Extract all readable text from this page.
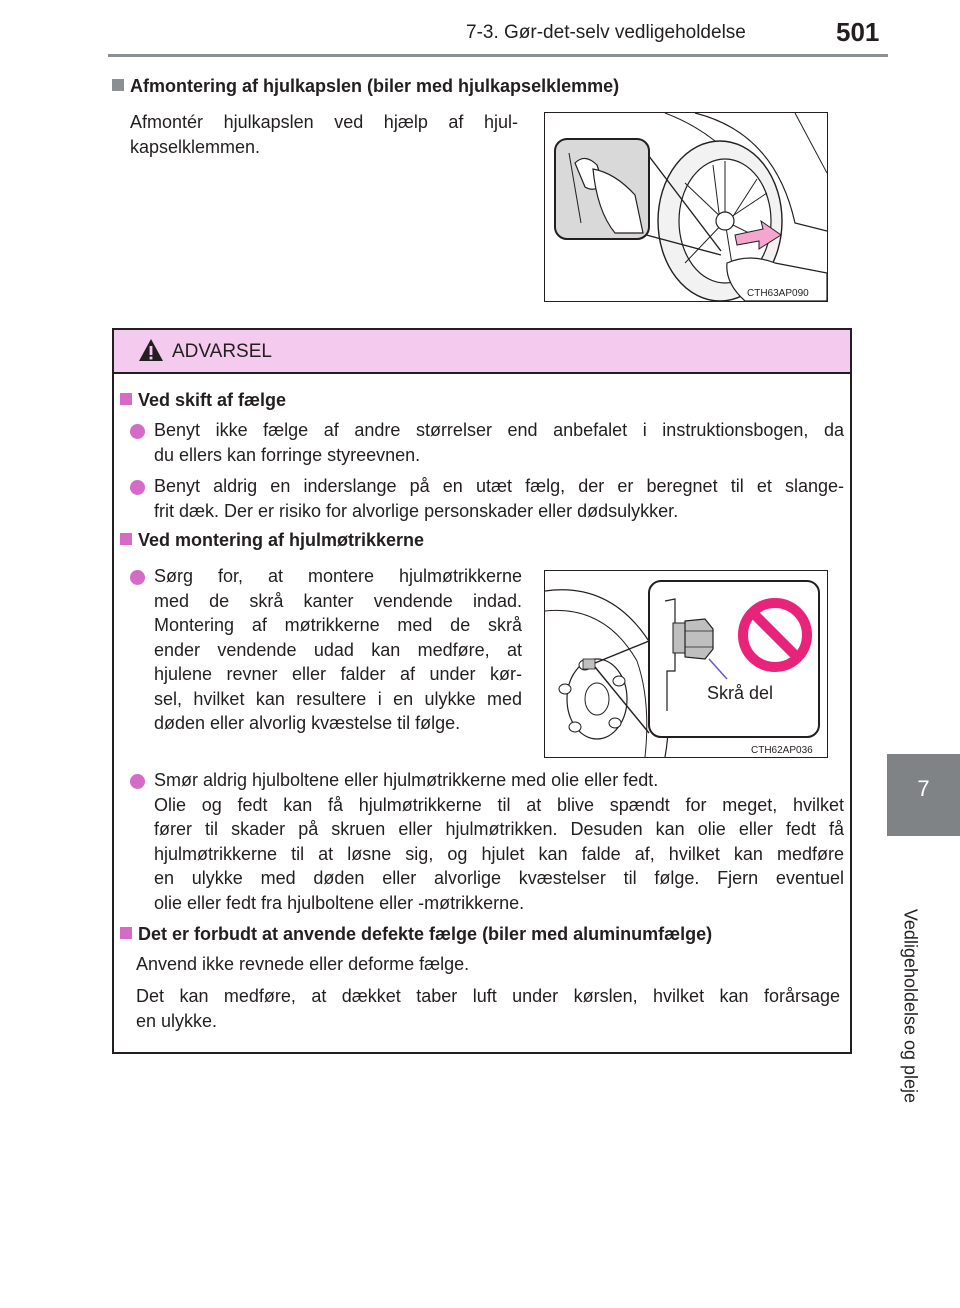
7-3. Gør-det-selv vedligeholdelse	501
7
Vedligeholdelse og pleje
Afmontering af hjulkapslen (biler med hjulkapselklemme)
Afmontér hjulkapslen ved hjælp af hjul-
kapselklemmen.
CTH63AP090
ADVARSEL
Ved skift af fælge
Benyt ikke fælge af andre størrelser end anbefalet i instruktionsbogen, da
du ellers kan forringe styreevnen.
Benyt aldrig en inderslange på en utæt fælg, der er beregnet til et slange-
frit dæk. Der er risiko for alvorlige personskader eller dødsulykker.
Ved montering af hjulmøtrikkerne
Sørg for, at montere hjulmøtrikkerne
med de skrå kanter vendende indad.
Montering af møtrikkerne med de skrå
ender vendende udad kan medføre, at
hjulene revner eller falder af under kør-
sel, hvilket kan resultere i en ulykke med
døden eller alvorlig kvæstelse til følge.
Skrå del
CTH62AP036
Smør aldrig hjulboltene eller hjulmøtrikkerne med olie eller fedt.
Olie og fedt kan få hjulmøtrikkerne til at blive spændt for meget, hvilket
fører til skader på skruen eller hjulmøtrikken. Desuden kan olie eller fedt få
hjulmøtrikkerne til at løsne sig, og hjulet kan falde af, hvilket kan medføre
en ulykke med døden eller alvorlige kvæstelser til følge. Fjern eventuel
olie eller fedt fra hjulboltene eller -møtrikkerne.
Det er forbudt at anvende defekte fælge (biler med aluminumfælge)
Anvend ikke revnede eller deforme fælge.
Det kan medføre, at dækket taber luft under kørslen, hvilket kan forårsage
en ulykke.
